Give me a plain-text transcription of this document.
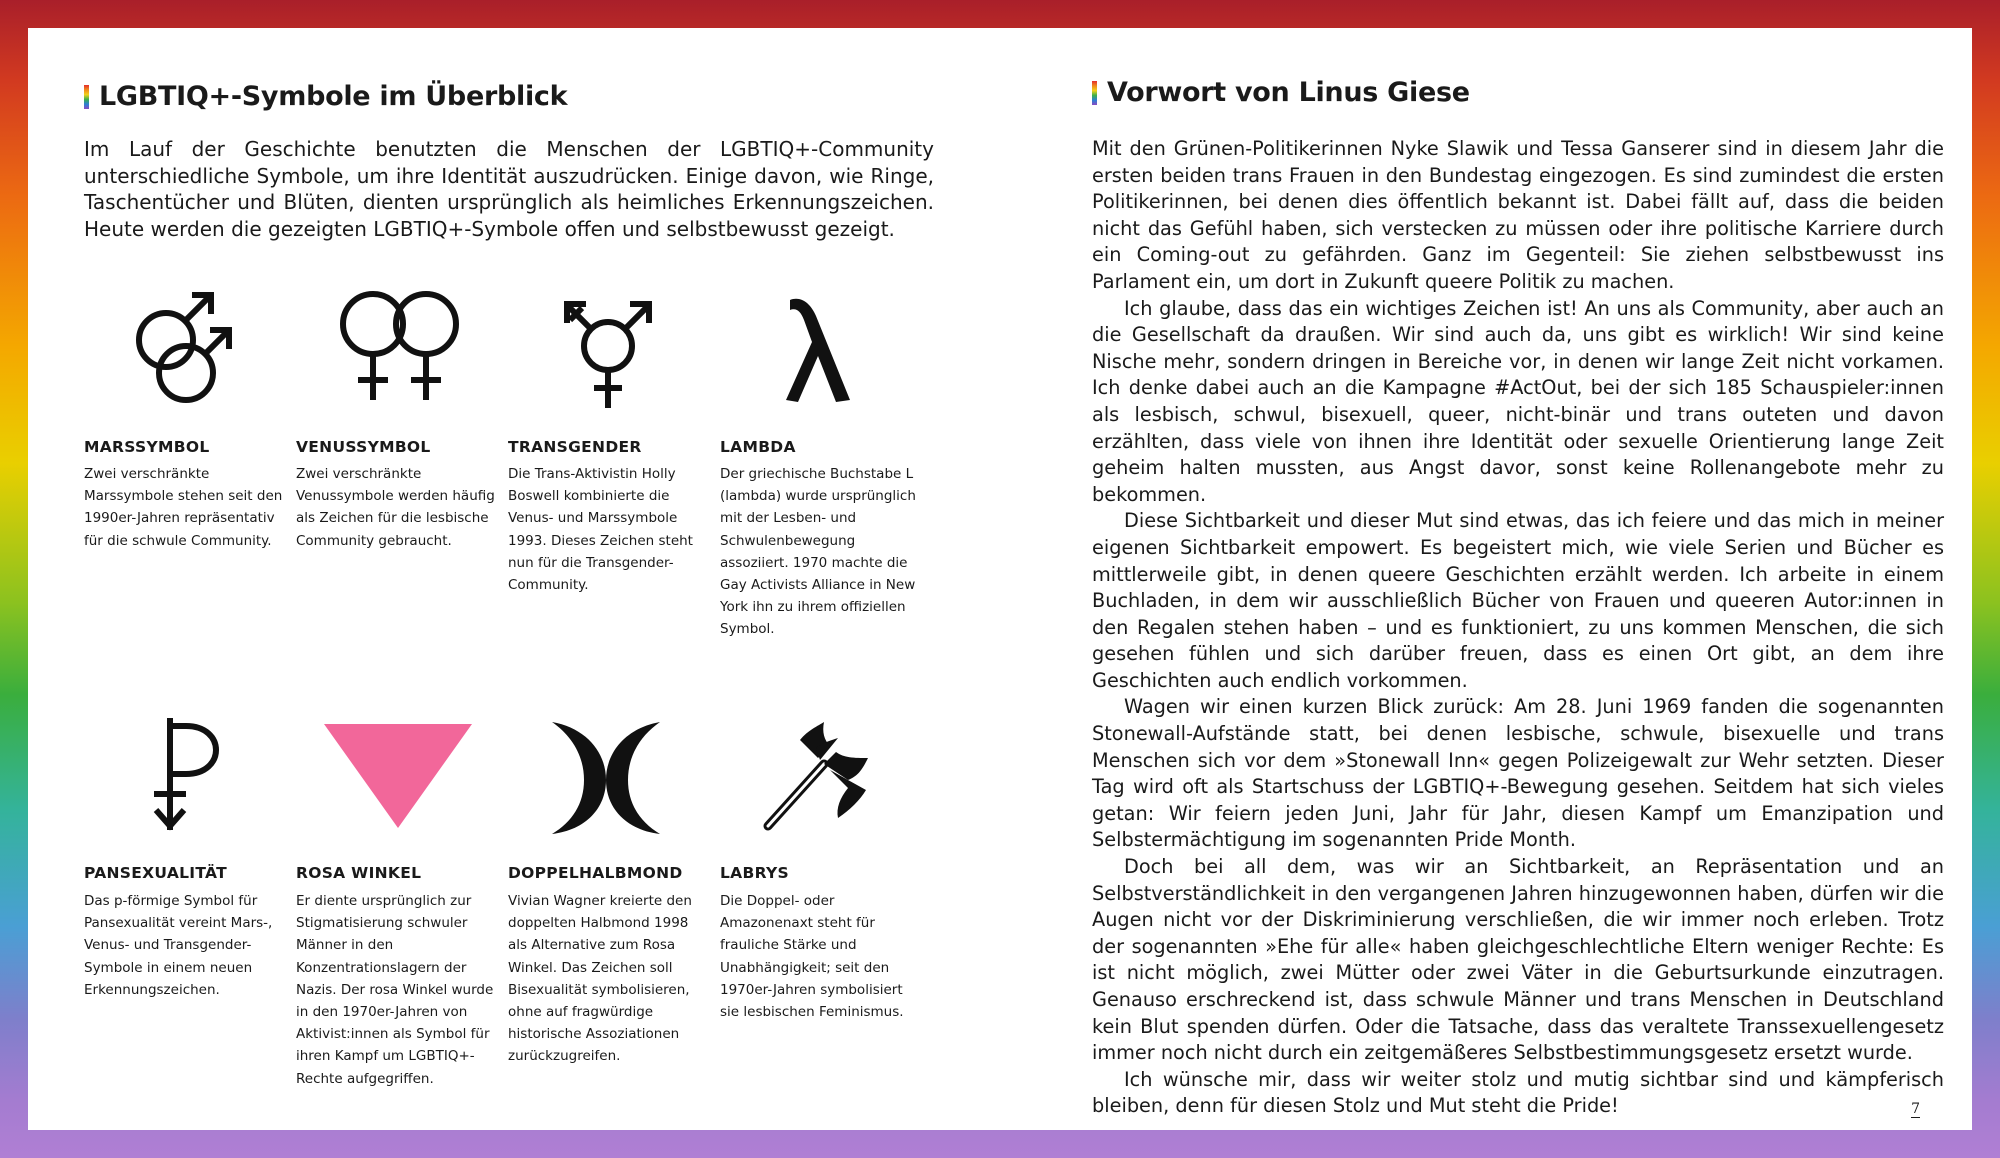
LGBTIQ+-Symbole im Überblick

Im Lauf der Geschichte benutzten die Menschen der LGBTIQ+-Community unterschiedliche Symbole, um ihre Identität auszudrücken. Einige davon, wie Ringe, Taschentücher und Blüten, dienten ursprünglich als heimliches Erkennungszeichen. Heute werden die gezeigten LGBTIQ+-Symbole offen und selbstbewusst gezeigt.

MARSSYMBOL

Zwei verschränkte Marssymbole stehen seit den 1990er-Jahren repräsentativ für die schwule Community.

VENUSSYMBOL

Zwei verschränkte Venussymbole werden häufig als Zeichen für die lesbische Community gebraucht.

TRANSGENDER

Die Trans-Aktivistin Holly Boswell kombinierte die Venus- und Marssymbole 1993. Dieses Zeichen steht nun für die Transgender-Community.

LAMBDA

Der griechische Buchstabe L (lambda) wurde ursprünglich mit der Lesben- und Schwulenbewegung assoziiert. 1970 machte die Gay Activists Alliance in New York ihn zu ihrem offiziellen Symbol.

PANSEXUALITÄT

Das p-förmige Symbol für Pansexualität vereint Mars-, Venus- und Transgender-Symbole in einem neuen Erkennungszeichen.

ROSA WINKEL

Er diente ursprünglich zur Stigmatisierung schwuler Männer in den Konzentrationslagern der Nazis. Der rosa Winkel wurde in den 1970er-Jahren von Aktivist:innen als Symbol für ihren Kampf um LGBTIQ+-Rechte aufgegriffen.

DOPPELHALBMOND

Vivian Wagner kreierte den doppelten Halbmond 1998 als Alternative zum Rosa Winkel. Das Zeichen soll Bisexualität symbolisieren, ohne auf fragwürdige historische Assoziationen zurückzugreifen.

LABRYS

Die Doppel- oder Amazonenaxt steht für frauliche Stärke und Unabhängigkeit; seit den 1970er-Jahren symbolisiert sie lesbischen Feminismus.

Vorwort von Linus Giese

Mit den Grünen-Politikerinnen Nyke Slawik und Tessa Ganserer sind in diesem Jahr die ersten beiden trans Frauen in den Bundestag eingezogen. Es sind zumindest die ersten Politikerinnen, bei denen dies öffentlich bekannt ist. Dabei fällt auf, dass die beiden nicht das Gefühl haben, sich verstecken zu müssen oder ihre politische Karriere durch ein Coming-out zu gefährden. Ganz im Gegenteil: Sie ziehen selbstbewusst ins Parlament ein, um dort in Zukunft queere Politik zu machen.

Ich glaube, dass das ein wichtiges Zeichen ist! An uns als Community, aber auch an die Gesellschaft da draußen. Wir sind auch da, uns gibt es wirklich! Wir sind keine Nische mehr, sondern dringen in Bereiche vor, in denen wir lange Zeit nicht vorkamen. Ich denke dabei auch an die Kampagne #ActOut, bei der sich 185 Schauspieler:innen als lesbisch, schwul, bisexuell, queer, nicht-binär und trans outeten und davon erzählten, dass viele von ihnen ihre Identität oder sexuelle Orientierung lange Zeit geheim halten mussten, aus Angst davor, sonst keine Rollenangebote mehr zu bekommen.

Diese Sichtbarkeit und dieser Mut sind etwas, das ich feiere und das mich in meiner eigenen Sichtbarkeit empowert. Es begeistert mich, wie viele Serien und Bücher es mittlerweile gibt, in denen queere Geschichten erzählt werden. Ich arbeite in einem Buchladen, in dem wir ausschließlich Bücher von Frauen und queeren Autor:innen in den Regalen stehen haben – und es funktioniert, zu uns kommen Menschen, die sich gesehen fühlen und sich darüber freuen, dass es einen Ort gibt, an dem ihre Geschichten auch endlich vorkommen.

Wagen wir einen kurzen Blick zurück: Am 28. Juni 1969 fanden die sogenannten Stonewall-Aufstände statt, bei denen lesbische, schwule, bisexuelle und trans Menschen sich vor dem »Stonewall Inn« gegen Polizeigewalt zur Wehr setzten. Dieser Tag wird oft als Startschuss der LGBTIQ+-Bewegung gesehen. Seitdem hat sich vieles getan: Wir feiern jeden Juni, Jahr für Jahr, diesen Kampf um Emanzipation und Selbstermächtigung im sogenannten Pride Month.

Doch bei all dem, was wir an Sichtbarkeit, an Repräsentation und an Selbstverständlichkeit in den vergangenen Jahren hinzugewonnen haben, dürfen wir die Augen nicht vor der Diskriminierung verschließen, die wir immer noch erleben. Trotz der sogenannten »Ehe für alle« haben gleichgeschlechtliche Eltern weniger Rechte: Es ist nicht möglich, zwei Mütter oder zwei Väter in die Geburtsurkunde einzutragen. Genauso erschreckend ist, dass schwule Männer und trans Menschen in Deutschland kein Blut spenden dürfen. Oder die Tatsache, dass das veraltete Transsexuellengesetz immer noch nicht durch ein zeitgemäßeres Selbstbestimmungsgesetz ersetzt wurde.

Ich wünsche mir, dass wir weiter stolz und mutig sichtbar sind und kämpferisch bleiben, denn für diesen Stolz und Mut steht die Pride!	7
